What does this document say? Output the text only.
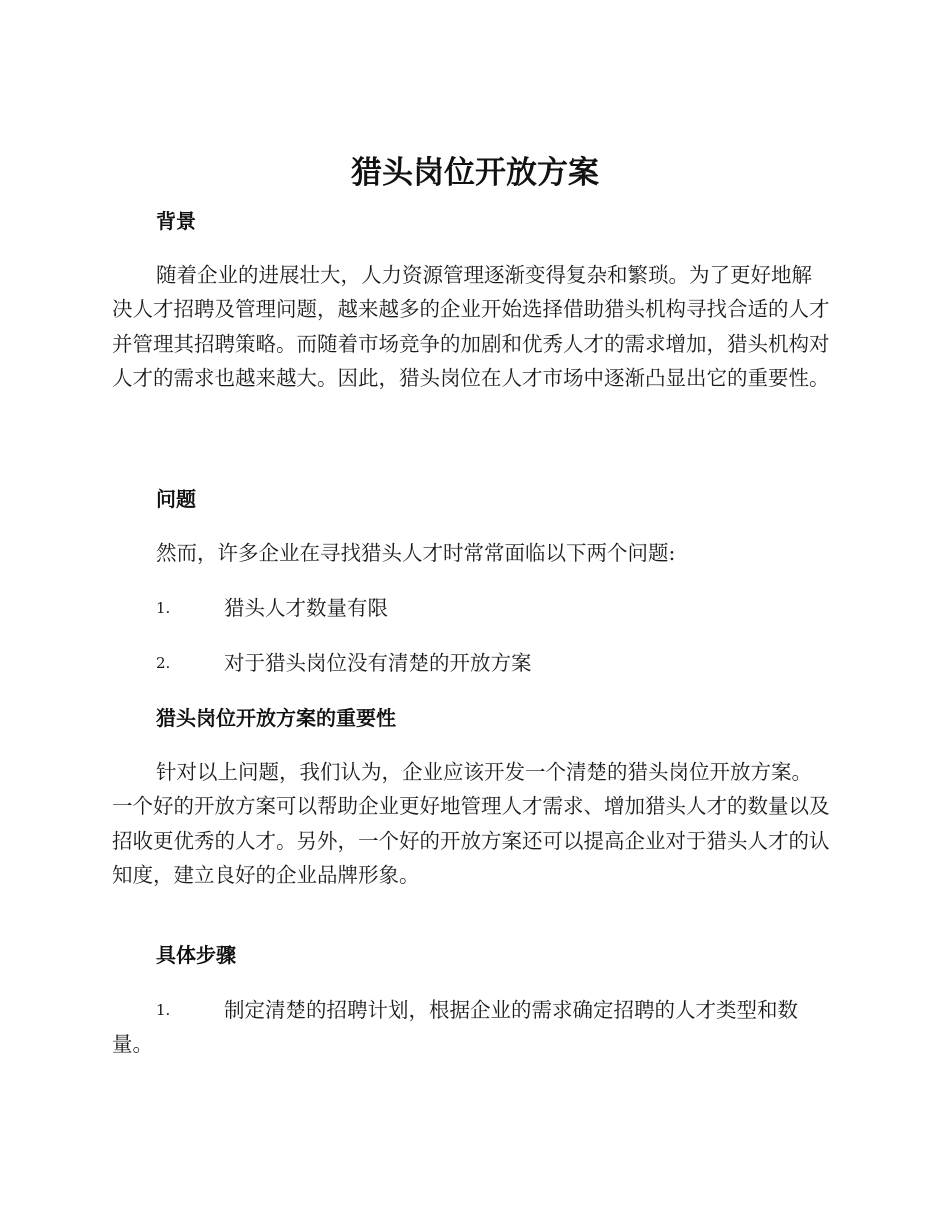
猎头岗位开放方案
背景

随着企业的进展壮大，人力资源管理逐渐变得复杂和繁琐。为了更好地解决人才招聘及管理问题，越来越多的企业开始选择借助猎头机构寻找合适的人才并管理其招聘策略。而随着市场竞争的加剧和优秀人才的需求增加，猎头机构对人才的需求也越来越大。因此，猎头岗位在人才市场中逐渐凸显出它的重要性。

问题

然而，许多企业在寻找猎头人才时常常面临以下两个问题:

1.	猎头人才数量有限
2.	对于猎头岗位没有清楚的开放方案
猎头岗位开放方案的重要性

针对以上问题，我们认为，企业应该开发一个清楚的猎头岗位开放方案。一个好的开放方案可以帮助企业更好地管理人才需求、增加猎头人才的数量以及招收更优秀的人才。另外，一个好的开放方案还可以提高企业对于猎头人才的认知度，建立良好的企业品牌形象。

具体步骤
1.	制定清楚的招聘计划，根据企业的需求确定招聘的人才类型和数量。
